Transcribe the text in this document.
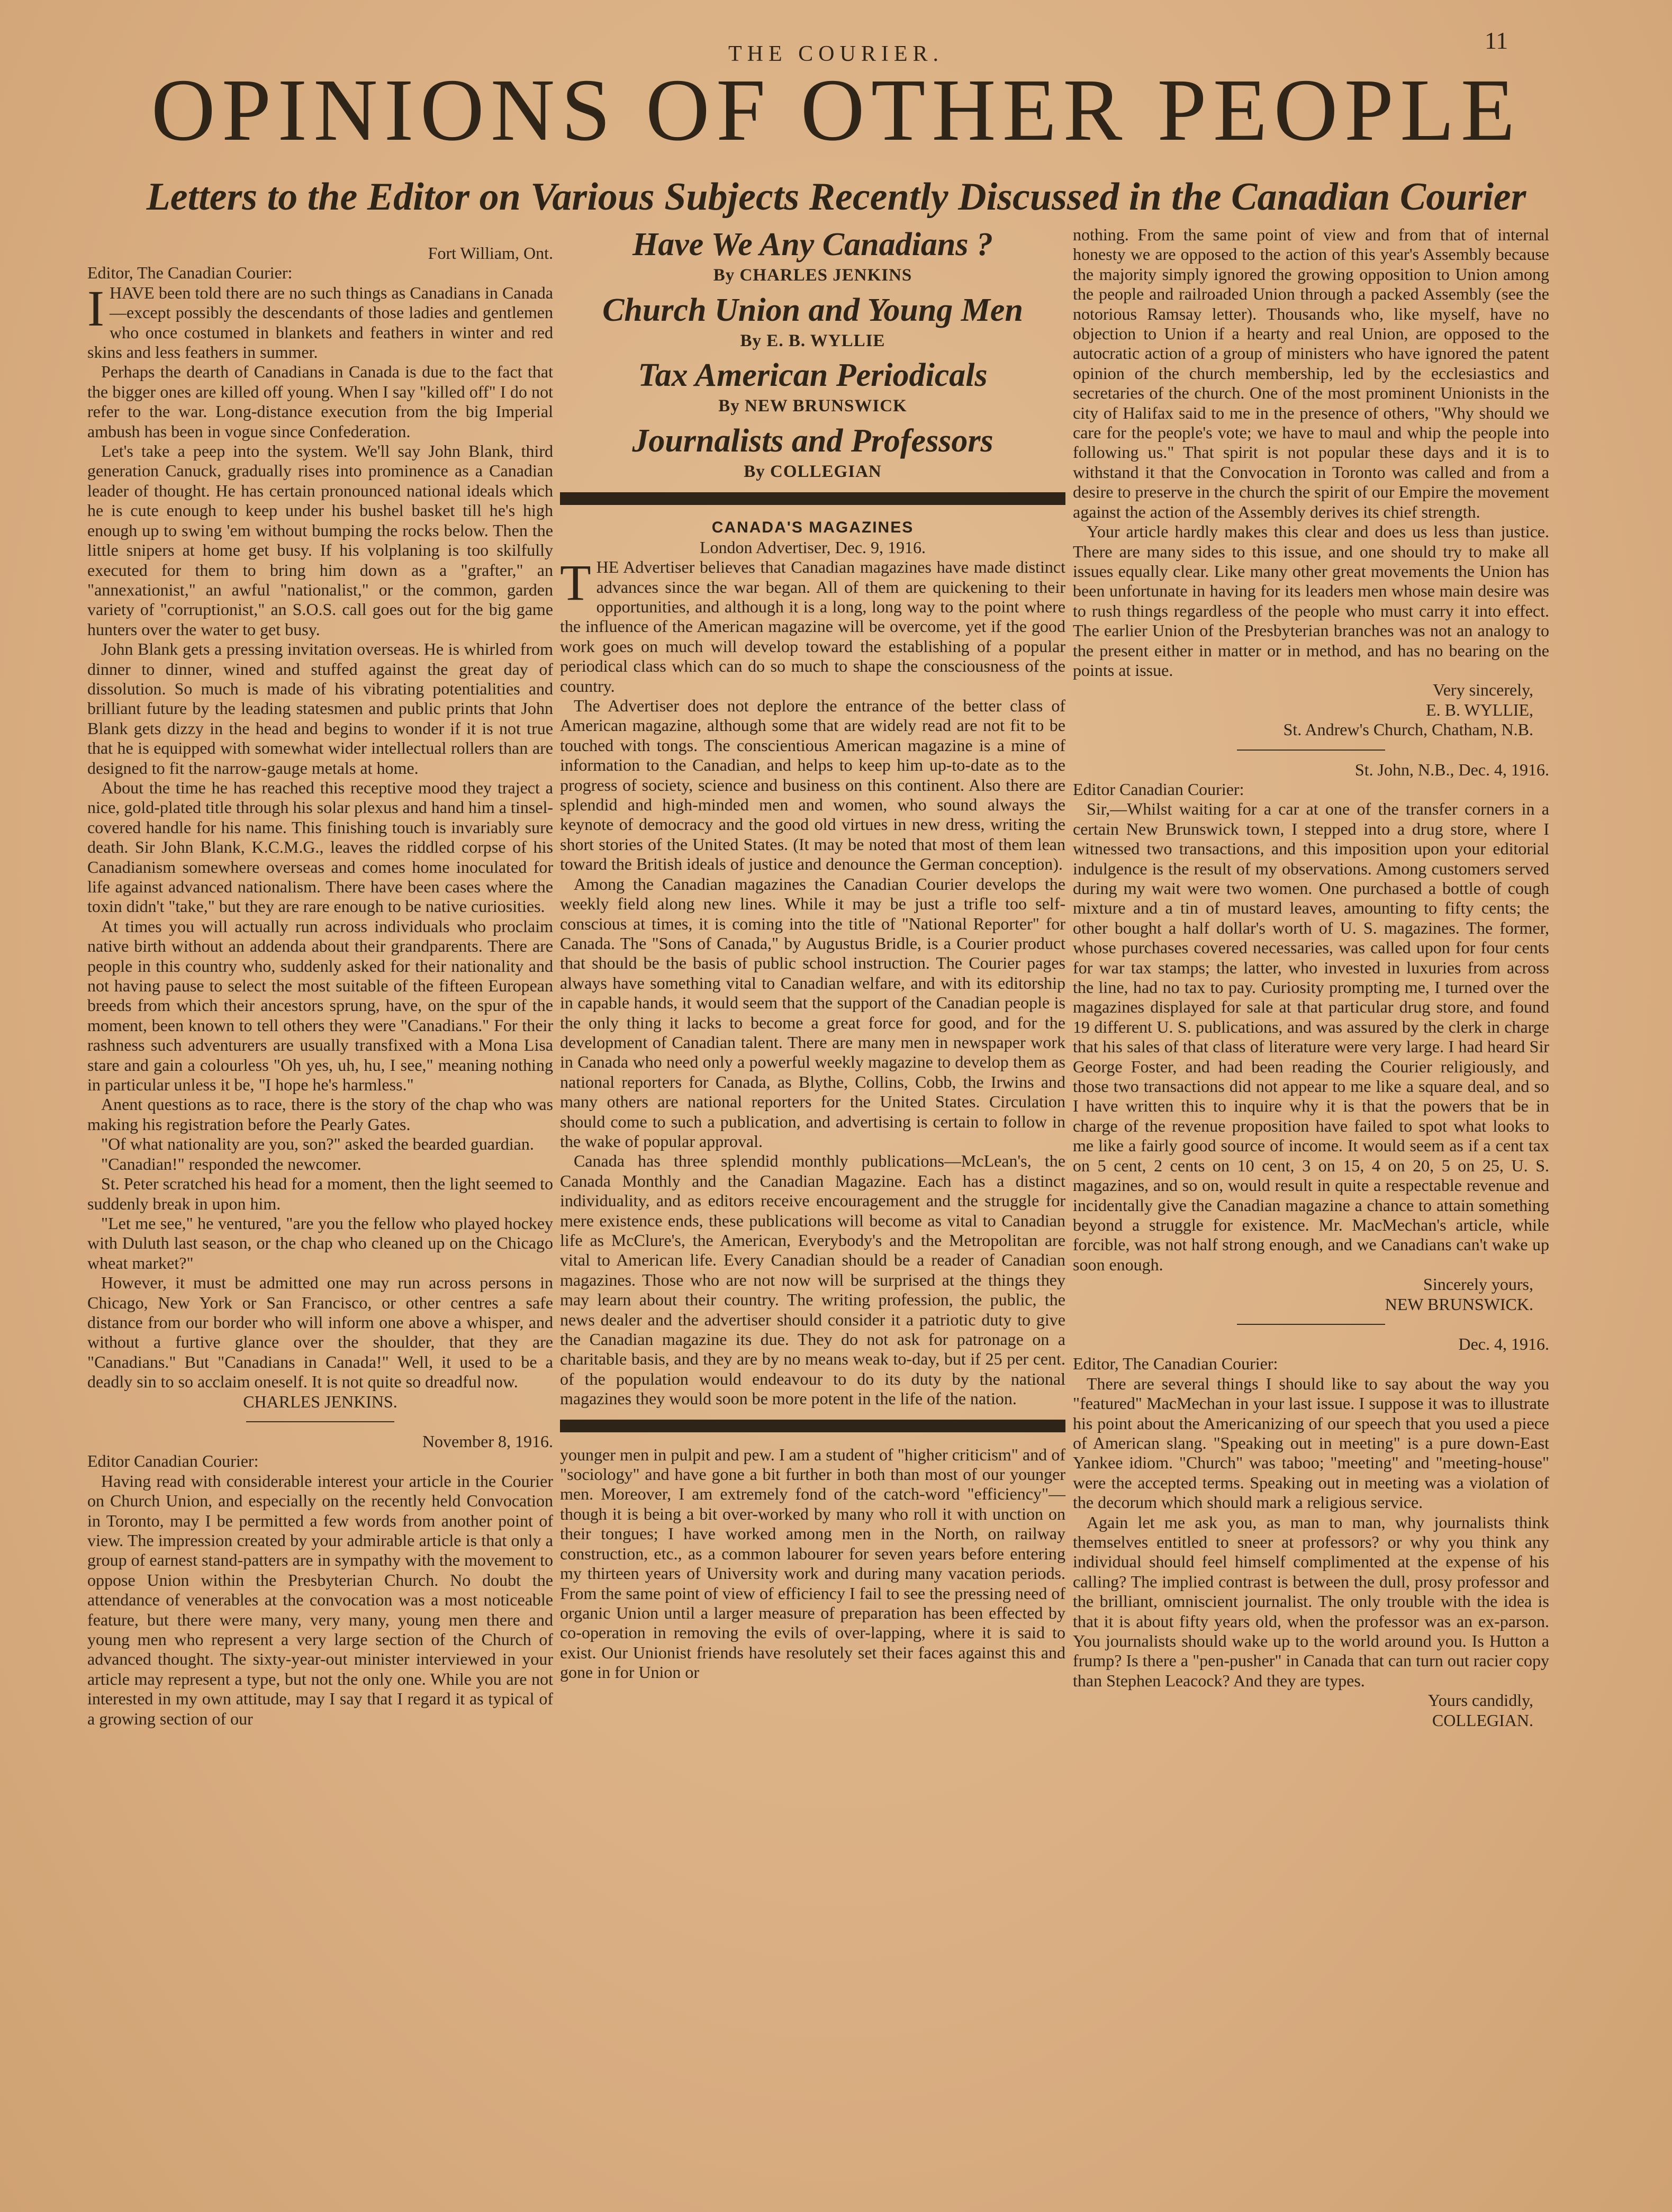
THE COURIER.	11
OPINIONS OF OTHER PEOPLE
Letters to the Editor on Various Subjects Recently Discussed in the Canadian Courier

Fort William, Ont.

Editor, The Canadian Courier:

IHAVE been told there are no such things as Canadians in Canada—except possibly the descendants of those ladies and gentlemen who once costumed in blankets and feathers in winter and red skins and less feathers in summer.

Perhaps the dearth of Canadians in Canada is due to the fact that the bigger ones are killed off young. When I say "killed off" I do not refer to the war. Long-distance execution from the big Imperial ambush has been in vogue since Confederation.

Let's take a peep into the system. We'll say John Blank, third generation Canuck, gradually rises into prominence as a Canadian leader of thought. He has certain pronounced national ideals which he is cute enough to keep under his bushel basket till he's high enough up to swing 'em without bumping the rocks below. Then the little snipers at home get busy. If his volplaning is too skilfully executed for them to bring him down as a "grafter," an "annexationist," an awful "nationalist," or the common, garden variety of "corruptionist," an S.O.S. call goes out for the big game hunters over the water to get busy.

John Blank gets a pressing invitation overseas. He is whirled from dinner to dinner, wined and stuffed against the great day of dissolution. So much is made of his vibrating potentialities and brilliant future by the leading statesmen and public prints that John Blank gets dizzy in the head and begins to wonder if it is not true that he is equipped with somewhat wider intellectual rollers than are designed to fit the narrow-gauge metals at home.

About the time he has reached this receptive mood they traject a nice, gold-plated title through his solar plexus and hand him a tinsel-covered handle for his name. This finishing touch is invariably sure death. Sir John Blank, K.C.M.G., leaves the riddled corpse of his Canadianism somewhere overseas and comes home inoculated for life against advanced nationalism. There have been cases where the toxin didn't "take," but they are rare enough to be native curiosities.

At times you will actually run across individuals who proclaim native birth without an addenda about their grandparents. There are people in this country who, suddenly asked for their nationality and not having pause to select the most suitable of the fifteen European breeds from which their ancestors sprung, have, on the spur of the moment, been known to tell others they were "Canadians." For their rashness such adventurers are usually transfixed with a Mona Lisa stare and gain a colourless "Oh yes, uh, hu, I see," meaning nothing in particular unless it be, "I hope he's harmless."

Anent questions as to race, there is the story of the chap who was making his registration before the Pearly Gates.

"Of what nationality are you, son?" asked the bearded guardian.

"Canadian!" responded the newcomer.

St. Peter scratched his head for a moment, then the light seemed to suddenly break in upon him.

"Let me see," he ventured, "are you the fellow who played hockey with Duluth last season, or the chap who cleaned up on the Chicago wheat market?"

However, it must be admitted one may run across persons in Chicago, New York or San Francisco, or other centres a safe distance from our border who will inform one above a whisper, and without a furtive glance over the shoulder, that they are "Canadians." But "Canadians in Canada!" Well, it used to be a deadly sin to so acclaim oneself. It is not quite so dreadful now.

CHARLES JENKINS.

November 8, 1916.

Editor Canadian Courier:

Having read with considerable interest your article in the Courier on Church Union, and especially on the recently held Convocation in Toronto, may I be permitted a few words from another point of view. The impression created by your admirable article is that only a group of earnest stand-patters are in sympathy with the movement to oppose Union within the Presbyterian Church. No doubt the attendance of venerables at the convocation was a most noticeable feature, but there were many, very many, young men there and young men who represent a very large section of the Church of advanced thought. The sixty-year-out minister interviewed in your article may represent a type, but not the only one. While you are not interested in my own attitude, may I say that I regard it as typical of a growing section of our

Have We Any Canadians ?
By CHARLES JENKINS
Church Union and Young Men
By E. B. WYLLIE
Tax American Periodicals
By NEW BRUNSWICK
Journalists and Professors
By COLLEGIAN
CANADA'S MAGAZINES
London Advertiser, Dec. 9, 1916.

THE Advertiser believes that Canadian magazines have made distinct advances since the war began. All of them are quickening to their opportunities, and although it is a long, long way to the point where the influence of the American magazine will be overcome, yet if the good work goes on much will develop toward the establishing of a popular periodical class which can do so much to shape the consciousness of the country.

The Advertiser does not deplore the entrance of the better class of American magazine, although some that are widely read are not fit to be touched with tongs. The conscientious American magazine is a mine of information to the Canadian, and helps to keep him up-to-date as to the progress of society, science and business on this continent. Also there are splendid and high-minded men and women, who sound always the keynote of democracy and the good old virtues in new dress, writing the short stories of the United States. (It may be noted that most of them lean toward the British ideals of justice and denounce the German conception).

Among the Canadian magazines the Canadian Courier develops the weekly field along new lines. While it may be just a trifle too self-conscious at times, it is coming into the title of "National Reporter" for Canada. The "Sons of Canada," by Augustus Bridle, is a Courier product that should be the basis of public school instruction. The Courier pages always have something vital to Canadian welfare, and with its editorship in capable hands, it would seem that the support of the Canadian people is the only thing it lacks to become a great force for good, and for the development of Canadian talent. There are many men in newspaper work in Canada who need only a powerful weekly magazine to develop them as national reporters for Canada, as Blythe, Collins, Cobb, the Irwins and many others are national reporters for the United States. Circulation should come to such a publication, and advertising is certain to follow in the wake of popular approval.

Canada has three splendid monthly publications—McLean's, the Canada Monthly and the Canadian Magazine. Each has a distinct individuality, and as editors receive encouragement and the struggle for mere existence ends, these publications will become as vital to Canadian life as McClure's, the American, Everybody's and the Metropolitan are vital to American life. Every Canadian should be a reader of Canadian magazines. Those who are not now will be surprised at the things they may learn about their country. The writing profession, the public, the news dealer and the advertiser should consider it a patriotic duty to give the Canadian magazine its due. They do not ask for patronage on a charitable basis, and they are by no means weak to-day, but if 25 per cent. of the population would endeavour to do its duty by the national magazines they would soon be more potent in the life of the nation.

younger men in pulpit and pew. I am a student of "higher criticism" and of "sociology" and have gone a bit further in both than most of our younger men. Moreover, I am extremely fond of the catch-word "efficiency"—though it is being a bit over-worked by many who roll it with unction on their tongues; I have worked among men in the North, on railway construction, etc., as a common labourer for seven years before entering my thirteen years of University work and during many vacation periods. From the same point of view of efficiency I fail to see the pressing need of organic Union until a larger measure of preparation has been effected by co-operation in removing the evils of over-lapping, where it is said to exist. Our Unionist friends have resolutely set their faces against this and gone in for Union or

nothing. From the same point of view and from that of internal honesty we are opposed to the action of this year's Assembly because the majority simply ignored the growing opposition to Union among the people and railroaded Union through a packed Assembly (see the notorious Ramsay letter). Thousands who, like myself, have no objection to Union if a hearty and real Union, are opposed to the autocratic action of a group of ministers who have ignored the patent opinion of the church membership, led by the ecclesiastics and secretaries of the church. One of the most prominent Unionists in the city of Halifax said to me in the presence of others, "Why should we care for the people's vote; we have to maul and whip the people into following us." That spirit is not popular these days and it is to withstand it that the Convocation in Toronto was called and from a desire to preserve in the church the spirit of our Empire the movement against the action of the Assembly derives its chief strength.

Your article hardly makes this clear and does us less than justice. There are many sides to this issue, and one should try to make all issues equally clear. Like many other great movements the Union has been unfortunate in having for its leaders men whose main desire was to rush things regardless of the people who must carry it into effect. The earlier Union of the Presbyterian branches was not an analogy to the present either in matter or in method, and has no bearing on the points at issue.

Very sincerely,

E. B. WYLLIE,

St. Andrew's Church, Chatham, N.B.

St. John, N.B., Dec. 4, 1916.

Editor Canadian Courier:

Sir,—Whilst waiting for a car at one of the transfer corners in a certain New Brunswick town, I stepped into a drug store, where I witnessed two transactions, and this imposition upon your editorial indulgence is the result of my observations. Among customers served during my wait were two women. One purchased a bottle of cough mixture and a tin of mustard leaves, amounting to fifty cents; the other bought a half dollar's worth of U. S. magazines. The former, whose purchases covered necessaries, was called upon for four cents for war tax stamps; the latter, who invested in luxuries from across the line, had no tax to pay. Curiosity prompting me, I turned over the magazines displayed for sale at that particular drug store, and found 19 different U. S. publications, and was assured by the clerk in charge that his sales of that class of literature were very large. I had heard Sir George Foster, and had been reading the Courier religiously, and those two transactions did not appear to me like a square deal, and so I have written this to inquire why it is that the powers that be in charge of the revenue proposition have failed to spot what looks to me like a fairly good source of income. It would seem as if a cent tax on 5 cent, 2 cents on 10 cent, 3 on 15, 4 on 20, 5 on 25, U. S. magazines, and so on, would result in quite a respectable revenue and incidentally give the Canadian magazine a chance to attain something beyond a struggle for existence. Mr. MacMechan's article, while forcible, was not half strong enough, and we Canadians can't wake up soon enough.

Sincerely yours,

NEW BRUNSWICK.

Dec. 4, 1916.

Editor, The Canadian Courier:

There are several things I should like to say about the way you "featured" MacMechan in your last issue. I suppose it was to illustrate his point about the Americanizing of our speech that you used a piece of American slang. "Speaking out in meeting" is a pure down-East Yankee idiom. "Church" was taboo; "meeting" and "meeting-house" were the accepted terms. Speaking out in meeting was a violation of the decorum which should mark a religious service.

Again let me ask you, as man to man, why journalists think themselves entitled to sneer at professors? or why you think any individual should feel himself complimented at the expense of his calling? The implied contrast is between the dull, prosy professor and the brilliant, omniscient journalist. The only trouble with the idea is that it is about fifty years old, when the professor was an ex-parson. You journalists should wake up to the world around you. Is Hutton a frump? Is there a "pen-pusher" in Canada that can turn out racier copy than Stephen Leacock? And they are types.

Yours candidly,

COLLEGIAN.
